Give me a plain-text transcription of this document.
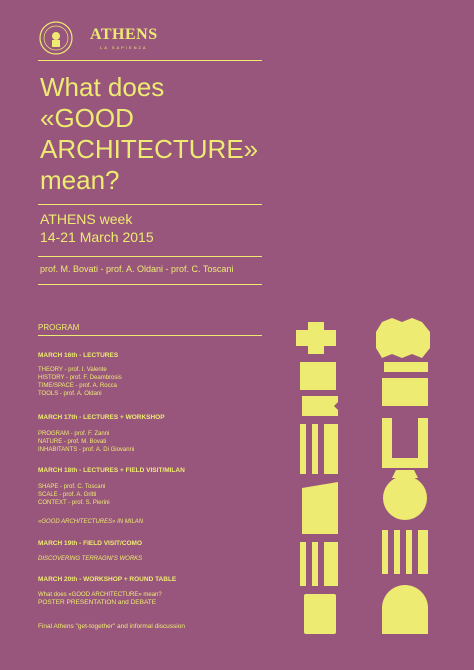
ATHENS
LA SAPIENZA
What does
«GOOD
ARCHITECTURE»
mean?
ATHENS week
14-21 March 2015
prof. M. Bovati - prof. A. Oldani - prof. C. Toscani
PROGRAM
MARCH 16th - LECTURES
THEORY - prof. I. Valente
HISTORY - prof. F. Deambrosis
TIME/SPACE - prof. A. Rocca
TOOLS - prof. A. Oldani
MARCH 17th - LECTURES + WORKSHOP
PROGRAM - prof. F. Zanni
NATURE - prof. M. Bovati
INHABITANTS - prof. A. Di Giovanni
MARCH 18th - LECTURES + FIELD VISIT/MILAN
SHAPE - prof. C. Toscani
SCALE - prof. A. Gritti
CONTEXT - prof. S. Pierini
«GOOD ARCHITECTURES» IN MILAN
MARCH 19th - FIELD VISIT/COMO
DISCOVERING TERRAGNI'S WORKS
MARCH 20th - WORKSHOP + ROUND TABLE
What does «GOOD ARCHITECTURE» mean?
POSTER PRESENTATION and DEBATE
Final Athens "get-together" and informal discussion
